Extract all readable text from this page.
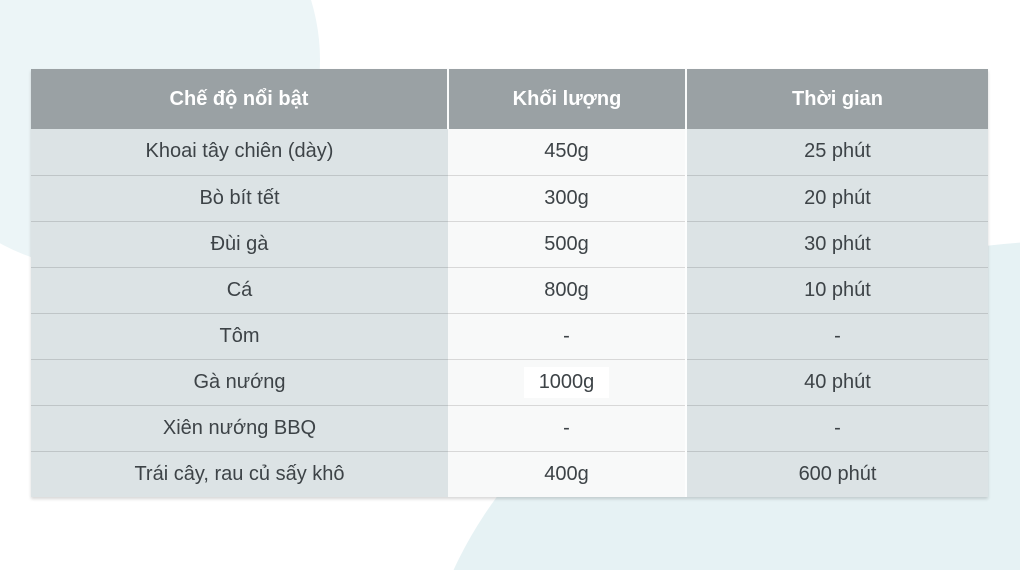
Chế độ nổi bật	Khối lượng	Thời gian
Khoai tây chiên (dày)	450g	25 phút
Bò bít tết	300g	20 phút
Đùi gà	500g	30 phút
Cá	800g	10 phút
Tôm	-	-
Gà nướng	1000g	40 phút
Xiên nướng BBQ	-	-
Trái cây, rau củ sấy khô	400g	600 phút
